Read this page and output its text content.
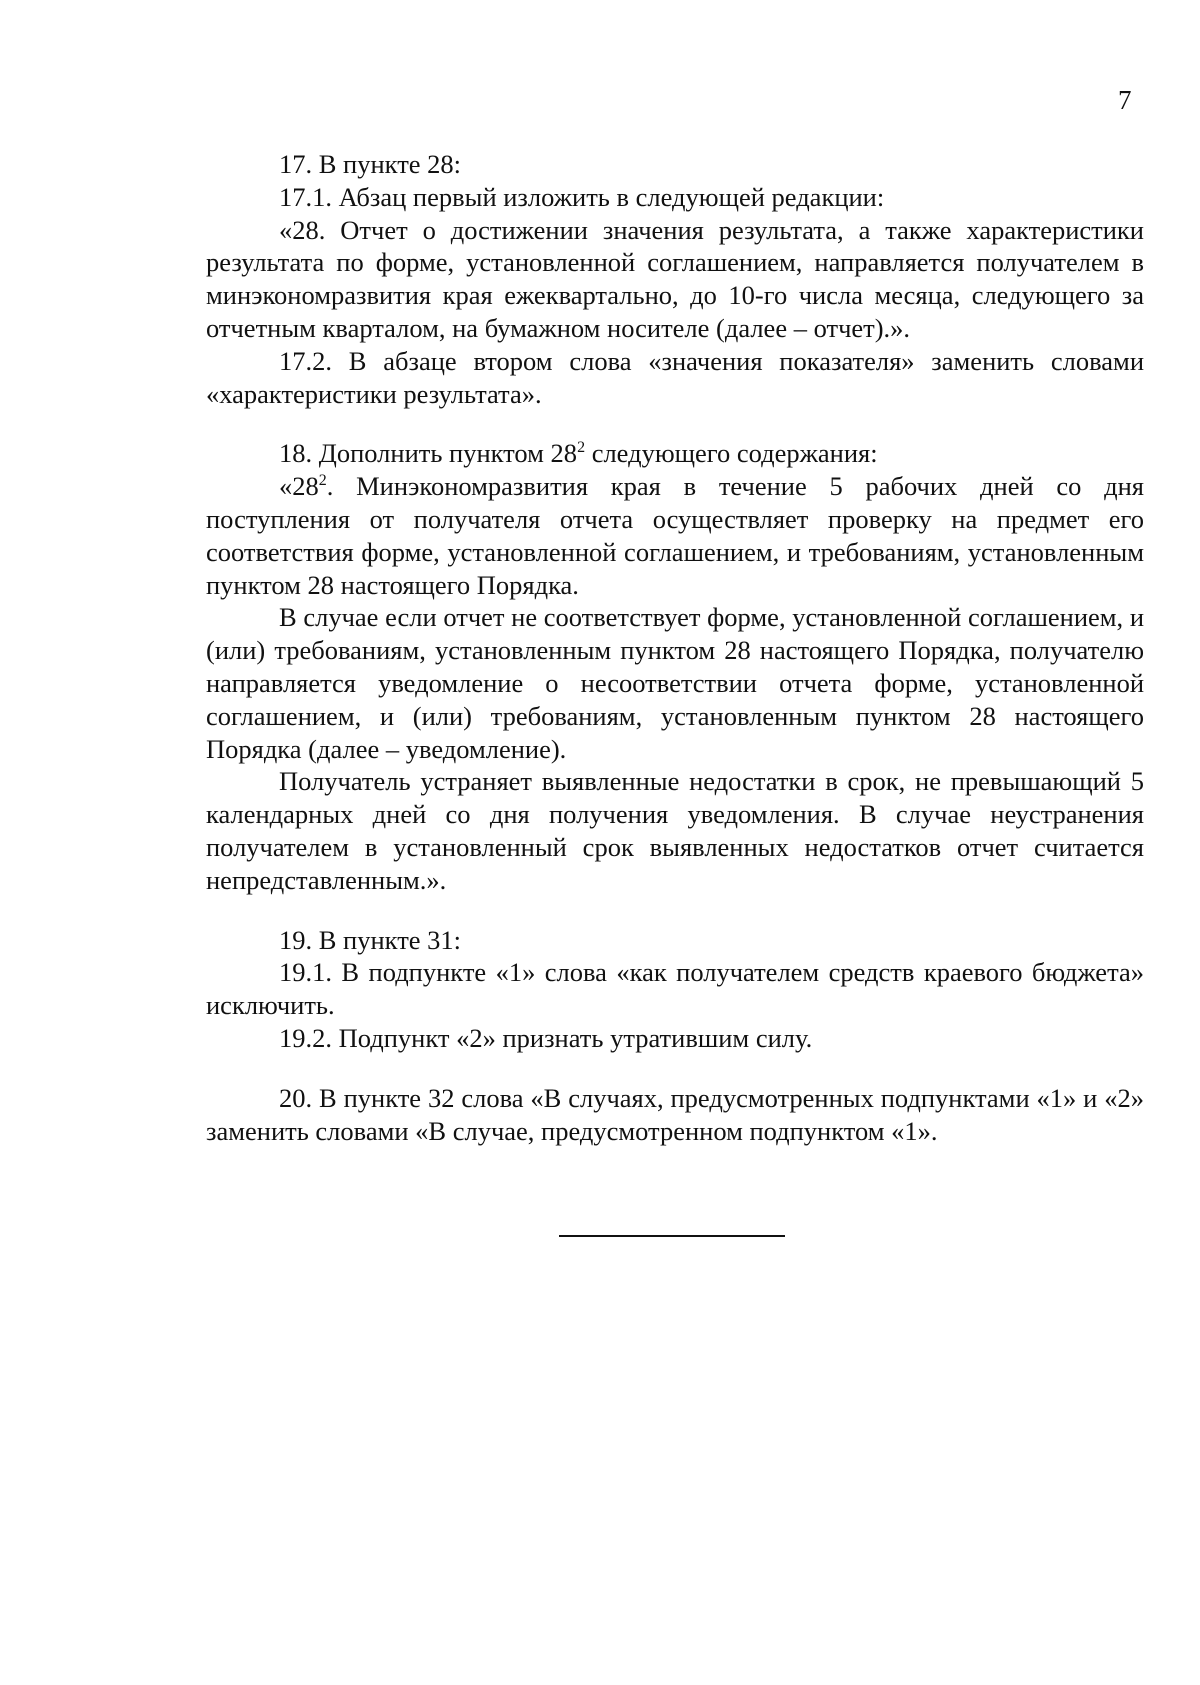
7

17. В пункте 28:

17.1. Абзац первый изложить в следующей редакции:

«28. Отчет о достижении значения результата, а также характеристики результата по форме, установленной соглашением, направляется получателем в минэкономразвития края ежеквартально, до 10-го числа месяца, следующего за отчетным кварталом, на бумажном носителе (далее – отчет).».

17.2. В абзаце втором слова «значения показателя» заменить словами «характеристики результата».

18. Дополнить пунктом $28^2$ следующего содержания:

«$28^2$. Минэкономразвития края в течение 5 рабочих дней со дня поступления от получателя отчета осуществляет проверку на предмет его соответствия форме, установленной соглашением, и требованиям, установленным пунктом 28 настоящего Порядка.

В случае если отчет не соответствует форме, установленной соглашением, и (или) требованиям, установленным пунктом 28 настоящего Порядка, получателю направляется уведомление о несоответствии отчета форме, установленной соглашением, и (или) требованиям, установленным пунктом 28 настоящего Порядка (далее – уведомление).

Получатель устраняет выявленные недостатки в срок, не превышающий 5 календарных дней со дня получения уведомления. В случае неустранения получателем в установленный срок выявленных недостатков отчет считается непредставленным.».

19. В пункте 31:

19.1. В подпункте «1» слова «как получателем средств краевого бюджета» исключить.

19.2. Подпункт «2» признать утратившим силу.

20. В пункте 32 слова «В случаях, предусмотренных подпунктами «1» и «2» заменить словами «В случае, предусмотренном подпунктом «1».
